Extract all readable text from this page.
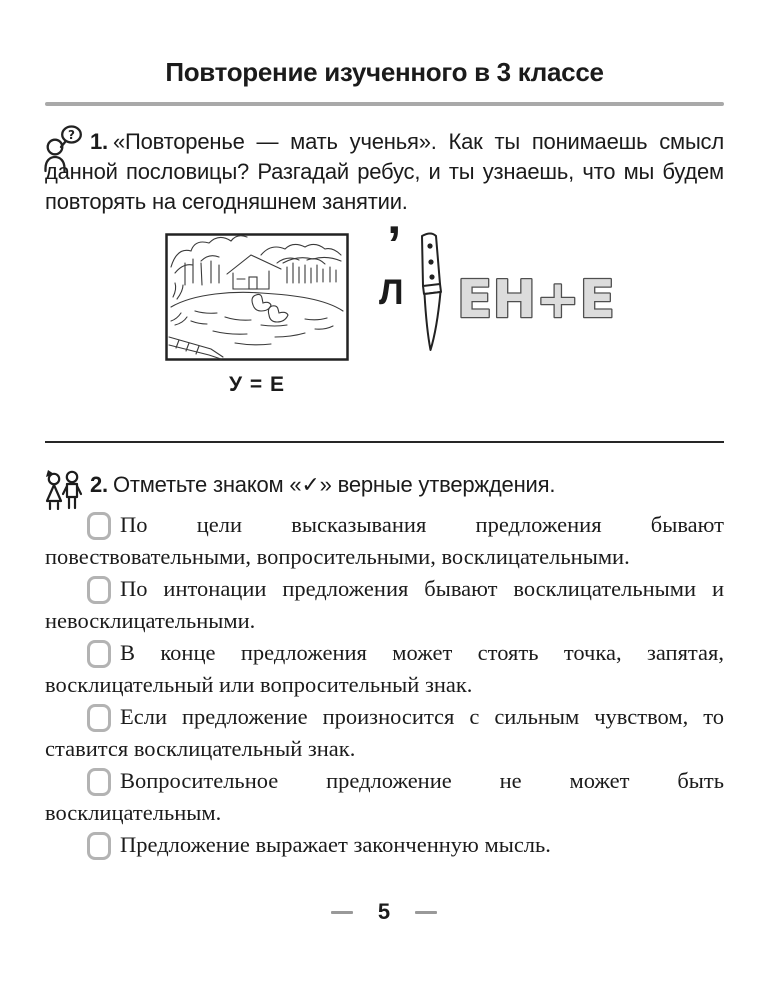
Повторение изученного в 3 классе
? 1. «Повторенье — мать ученья». Как ты понимаешь смысл данной пословицы? Разгадай ребус, и ты узнаешь, что мы будем повторять на сегодняшнем занятии.

У = Е
Л
’
ЕН+Е

2. Отметьте знаком «✓» верные утверждения.

По цели высказывания предложения бывают повествовательными, вопросительными, восклицательными.

По интонации предложения бывают восклицательными и невосклицательными.

В конце предложения может стоять точка, запятая, восклицательный или вопросительный знак.

Если предложение произносится с сильным чувством, то ставится восклицательный знак.

Вопросительное предложение не может быть восклицательным.

Предложение выражает законченную мысль.

5
